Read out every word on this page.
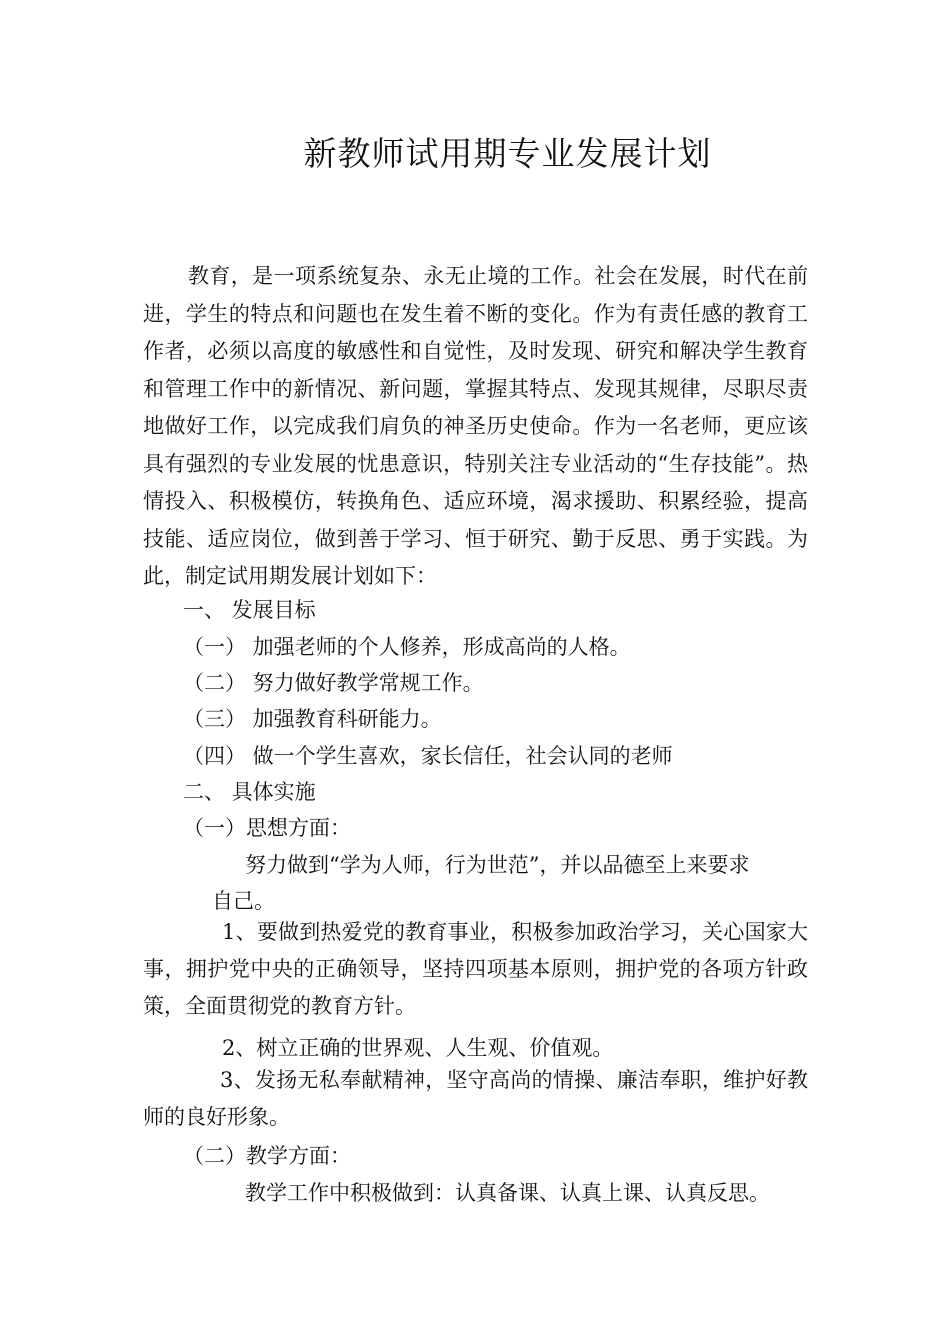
新教师试用期专业发展计划

教育，是一项系统复杂、永无止境的工作。社会在发展，时代在前进，学生的特点和问题也在发生着不断的变化。作为有责任感的教育工作者，必须以高度的敏感性和自觉性，及时发现、研究和解决学生教育和管理工作中的新情况、新问题，掌握其特点、发现其规律，尽职尽责地做好工作，以完成我们肩负的神圣历史使命。作为一名老师，更应该具有强烈的专业发展的忧患意识，特别关注专业活动的“生存技能”。热情投入、积极模仿，转换角色、适应环境，渴求援助、积累经验，提高技能、适应岗位，做到善于学习、恒于研究、勤于反思、勇于实践。为此，制定试用期发展计划如下：

一、 发展目标
（一） 加强老师的个人修养，形成高尚的人格。
（二） 努力做好教学常规工作。
（三） 加强教育科研能力。
（四） 做一个学生喜欢，家长信任，社会认同的老师
二、 具体实施
（一）思想方面：
努力做到“学为人师，行为世范”，并以品德至上来要求
自己。

1、要做到热爱党的教育事业，积极参加政治学习，关心国家大事，拥护党中央的正确领导，坚持四项基本原则，拥护党的各项方针政策，全面贯彻党的教育方针。

2、树立正确的世界观、人生观、价值观。

3、发扬无私奉献精神，坚守高尚的情操、廉洁奉职，维护好教师的良好形象。

（二）教学方面：
教学工作中积极做到：认真备课、认真上课、认真反思。
